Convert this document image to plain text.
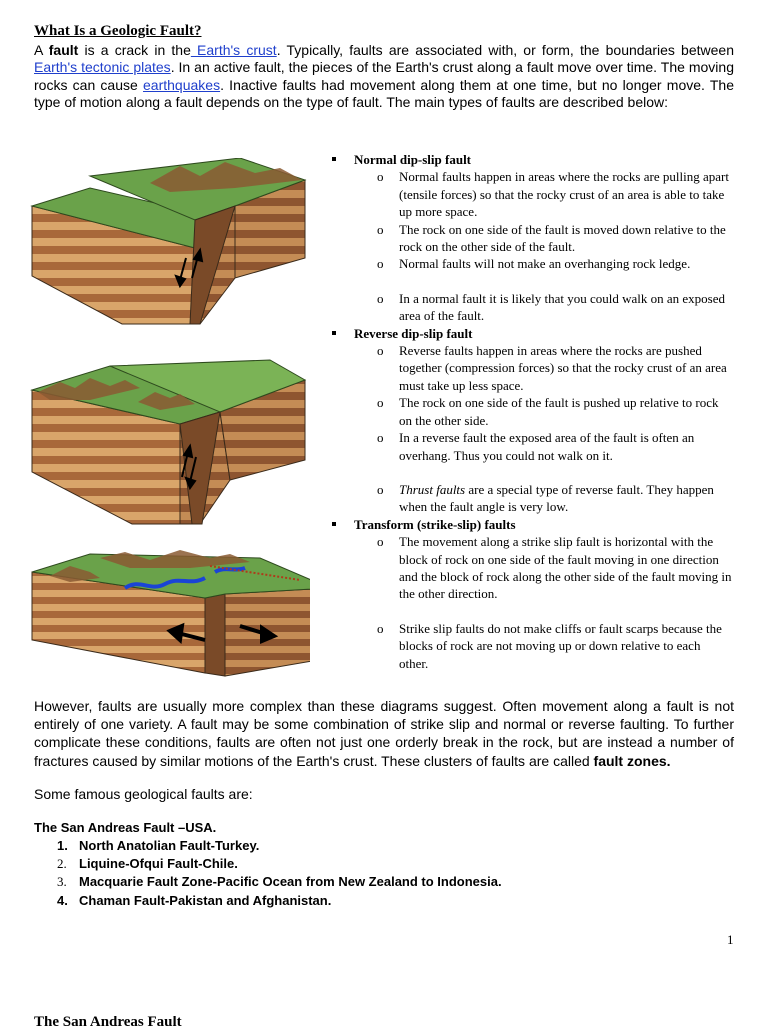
What Is a Geologic Fault?
A fault is a crack in the Earth's crust. Typically, faults are associated with, or form, the boundaries between Earth's tectonic plates. In an active fault, the pieces of the Earth's crust along a fault move over time. The moving rocks can cause earthquakes. Inactive faults had movement along them at one time, but no longer move. The type of motion along a fault depends on the type of fault. The main types of faults are described below:
Normal dip-slip fault
o Normal faults happen in areas where the rocks are pulling apart (tensile forces) so that the rocky crust of an area is able to take up more space.
o The rock on one side of the fault is moved down relative to the rock on the other side of the fault.
o Normal faults will not make an overhanging rock ledge.
o In a normal fault it is likely that you could walk on an exposed area of the fault.
Reverse dip-slip fault
o Reverse faults happen in areas where the rocks are pushed together (compression forces) so that the rocky crust of an area must take up less space.
o The rock on one side of the fault is pushed up relative to rock on the other side.
o In a reverse fault the exposed area of the fault is often an overhang. Thus you could not walk on it.
o Thrust faults are a special type of reverse fault. They happen when the fault angle is very low.
Transform (strike-slip) faults
o The movement along a strike slip fault is horizontal with the block of rock on one side of the fault moving in one direction and the block of rock along the other side of the fault moving in the other direction.
o Strike slip faults do not make cliffs or fault scarps because the blocks of rock are not moving up or down relative to each other.
However, faults are usually more complex than these diagrams suggest. Often movement along a fault is not entirely of one variety. A fault may be some combination of strike slip and normal or reverse faulting. To further complicate these conditions, faults are often not just one orderly break in the rock, but are instead a number of fractures caused by similar motions of the Earth's crust. These clusters of faults are called fault zones.
Some famous geological faults are:
The San Andreas Fault –USA.
1. North Anatolian Fault-Turkey.
2. Liquine-Ofqui Fault-Chile.
3. Macquarie Fault Zone-Pacific Ocean from New Zealand to Indonesia.
4. Chaman Fault-Pakistan and Afghanistan.
1
The San Andreas Fault
